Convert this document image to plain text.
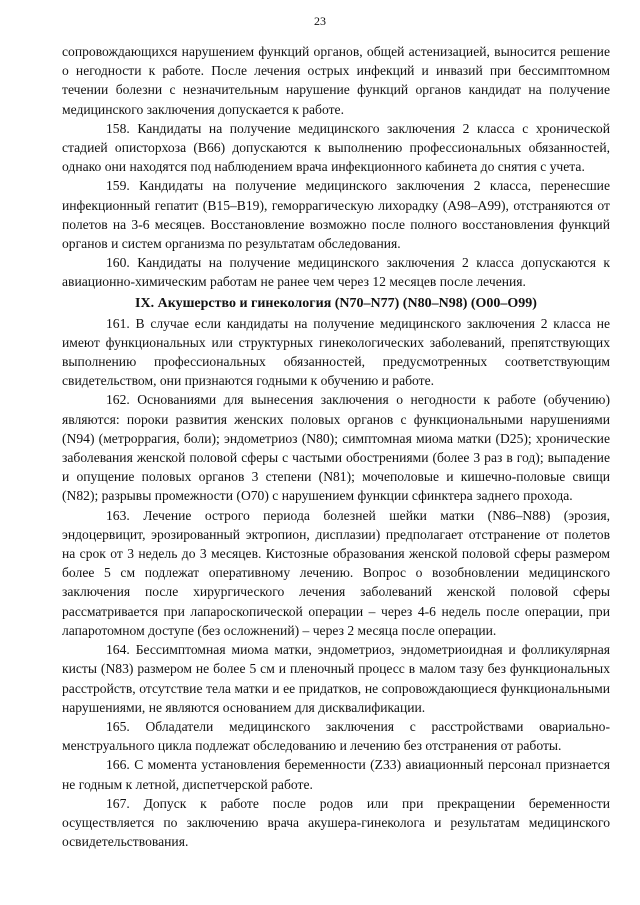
23

сопровождающихся нарушением функций органов, общей астенизацией, выносится решение о негодности к работе. После лечения острых инфекций и инвазий при бессимптомном течении болезни с незначительным нарушение функций органов кандидат на получение медицинского заключения допускается к работе.

158. Кандидаты на получение медицинского заключения 2 класса с хронической стадией описторхоза (B66) допускаются к выполнению профессиональных обязанностей, однако они находятся под наблюдением врача инфекционного кабинета до снятия с учета.

159. Кандидаты на получение медицинского заключения 2 класса, перенесшие инфекционный гепатит (B15–B19), геморрагическую лихорадку (A98–A99), отстраняются от полетов на 3-6 месяцев. Восстановление возможно после полного восстановления функций органов и систем организма по результатам обследования.

160. Кандидаты на получение медицинского заключения 2 класса допускаются к авиационно-химическим работам не ранее чем через 12 месяцев после лечения.

IX. Акушерство и гинекология (N70–N77) (N80–N98) (O00–O99)

161. В случае если кандидаты на получение медицинского заключения 2 класса не имеют функциональных или структурных гинекологических заболеваний, препятствующих выполнению профессиональных обязанностей, предусмотренных соответствующим свидетельством, они признаются годными к обучению и работе.

162. Основаниями для вынесения заключения о негодности к работе (обучению) являются: пороки развития женских половых органов с функциональными нарушениями (N94) (метроррагия, боли); эндометриоз (N80); симптомная миома матки (D25); хронические заболевания женской половой сферы с частыми обострениями (более 3 раз в год); выпадение и опущение половых органов 3 степени (N81); мочеполовые и кишечно-половые свищи (N82); разрывы промежности (O70) с нарушением функции сфинктера заднего прохода.

163. Лечение острого периода болезней шейки матки (N86–N88) (эрозия, эндоцервицит, эрозированный эктропион, дисплазии) предполагает отстранение от полетов на срок от 3 недель до 3 месяцев. Кистозные образования женской половой сферы размером более 5 см подлежат оперативному лечению. Вопрос о возобновлении медицинского заключения после хирургического лечения заболеваний женской половой сферы рассматривается при лапароскопической операции – через 4-6 недель после операции, при лапаротомном доступе (без осложнений) – через 2 месяца после операции.

164. Бессимптомная миома матки, эндометриоз, эндометриоидная и фолликулярная кисты (N83) размером не более 5 см и пленочный процесс в малом тазу без функциональных расстройств, отсутствие тела матки и ее придатков, не сопровождающиеся функциональными нарушениями, не являются основанием для дисквалификации.

165. Обладатели медицинского заключения с расстройствами овариально-менструального цикла подлежат обследованию и лечению без отстранения от работы.

166. С момента установления беременности (Z33) авиационный персонал признается не годным к летной, диспетчерской работе.

167. Допуск к работе после родов или при прекращении беременности осуществляется по заключению врача акушера-гинеколога и результатам медицинского освидетельствования.
